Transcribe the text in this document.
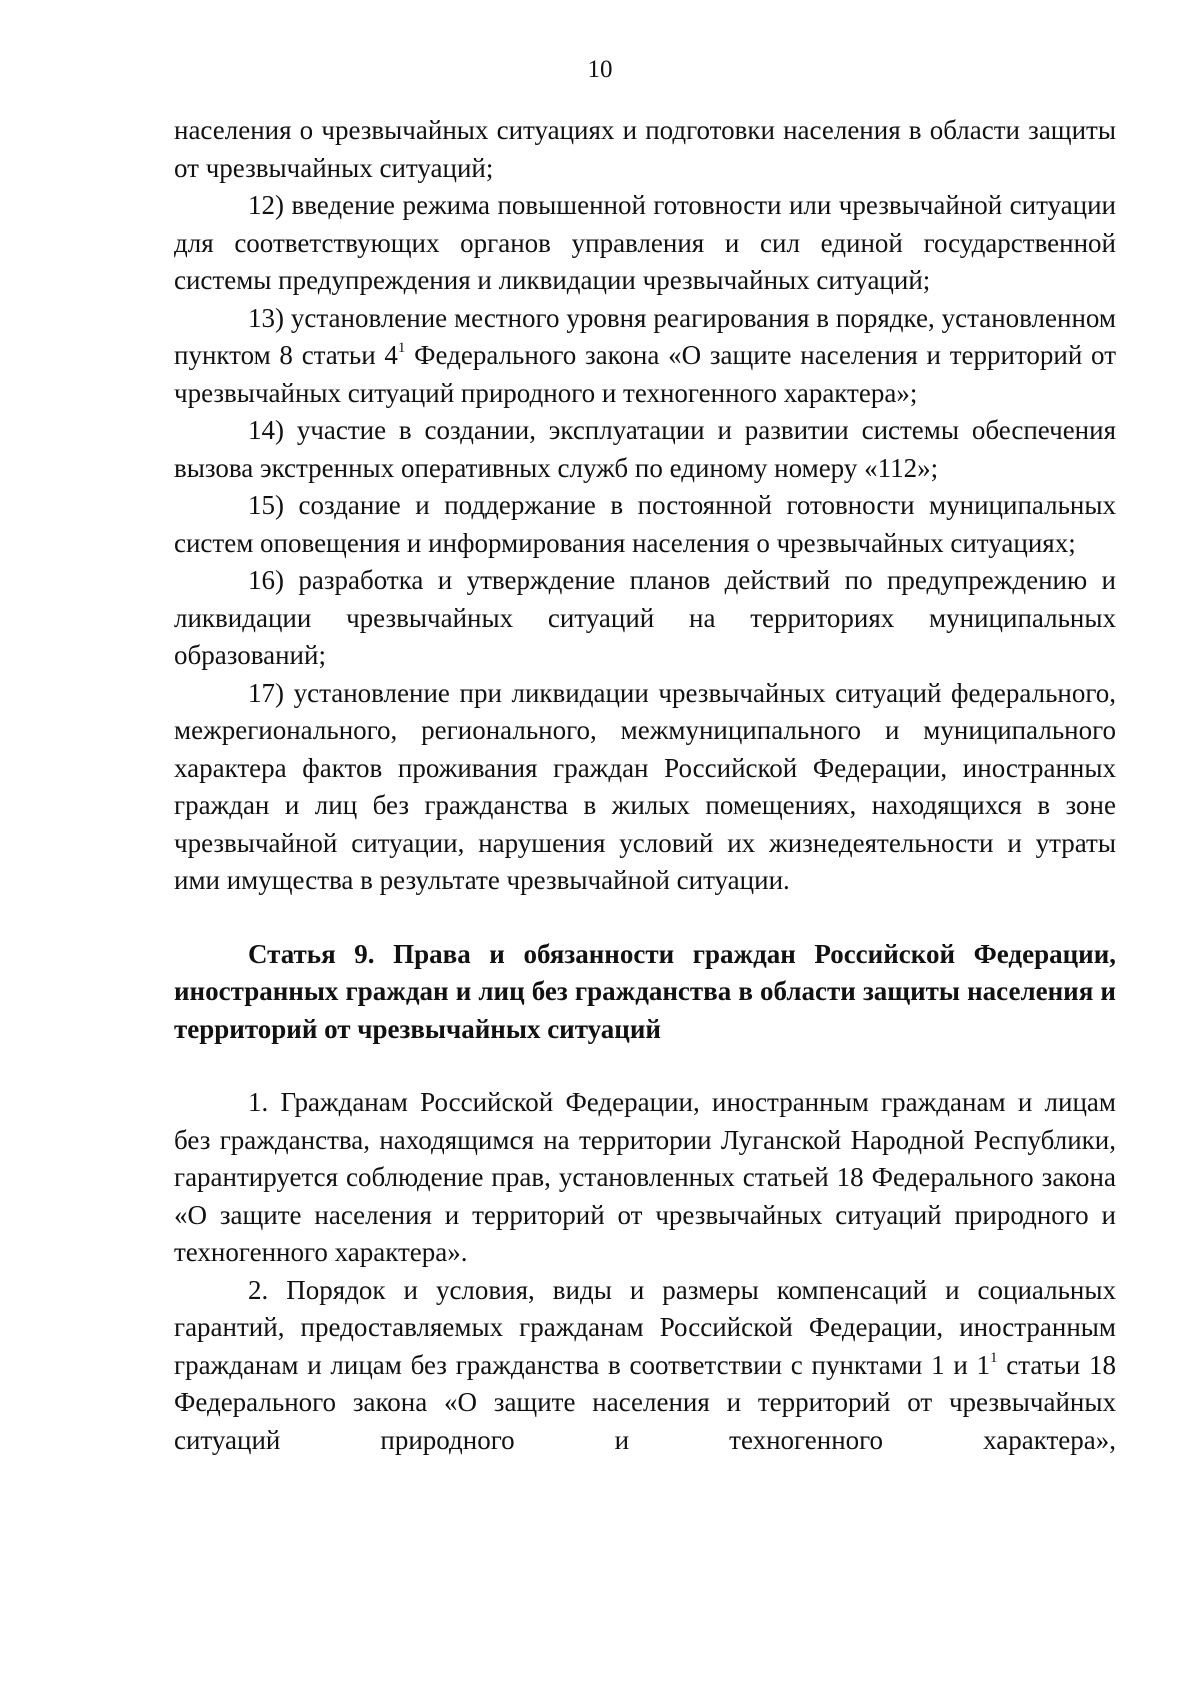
10

населения о чрезвычайных ситуациях и подготовки населения в области защиты от чрезвычайных ситуаций;

12) введение режима повышенной готовности или чрезвычайной ситуации для соответствующих органов управления и сил единой государственной системы предупреждения и ликвидации чрезвычайных ситуаций;

13) установление местного уровня реагирования в порядке, установленном пунктом 8 статьи $4^1$ Федерального закона «О защите населения и территорий от чрезвычайных ситуаций природного и техногенного характера»;

14) участие в создании, эксплуатации и развитии системы обеспечения вызова экстренных оперативных служб по единому номеру «112»;

15) создание и поддержание в постоянной готовности муниципальных систем оповещения и информирования населения о чрезвычайных ситуациях;

16) разработка и утверждение планов действий по предупреждению и ликвидации чрезвычайных ситуаций на территориях муниципальных образований;

17) установление при ликвидации чрезвычайных ситуаций федерального, межрегионального, регионального, межмуниципального и муниципального характера фактов проживания граждан Российской Федерации, иностранных граждан и лиц без гражданства в жилых помещениях, находящихся в зоне чрезвычайной ситуации, нарушения условий их жизнедеятельности и утраты ими имущества в результате чрезвычайной ситуации.

Статья 9. Права и обязанности граждан Российской Федерации, иностранных граждан и лиц без гражданства в области защиты населения и территорий от чрезвычайных ситуаций

1. Гражданам Российской Федерации, иностранным гражданам и лицам без гражданства, находящимся на территории Луганской Народной Республики, гарантируется соблюдение прав, установленных статьей 18 Федерального закона «О защите населения и территорий от чрезвычайных ситуаций природного и техногенного характера».

2. Порядок и условия, виды и размеры компенсаций и социальных гарантий, предоставляемых гражданам Российской Федерации, иностранным гражданам и лицам без гражданства в соответствии с пунктами 1 и $1^1$ статьи 18 Федерального закона «О защите населения и территорий от чрезвычайных ситуаций природного и техногенного характера»,
